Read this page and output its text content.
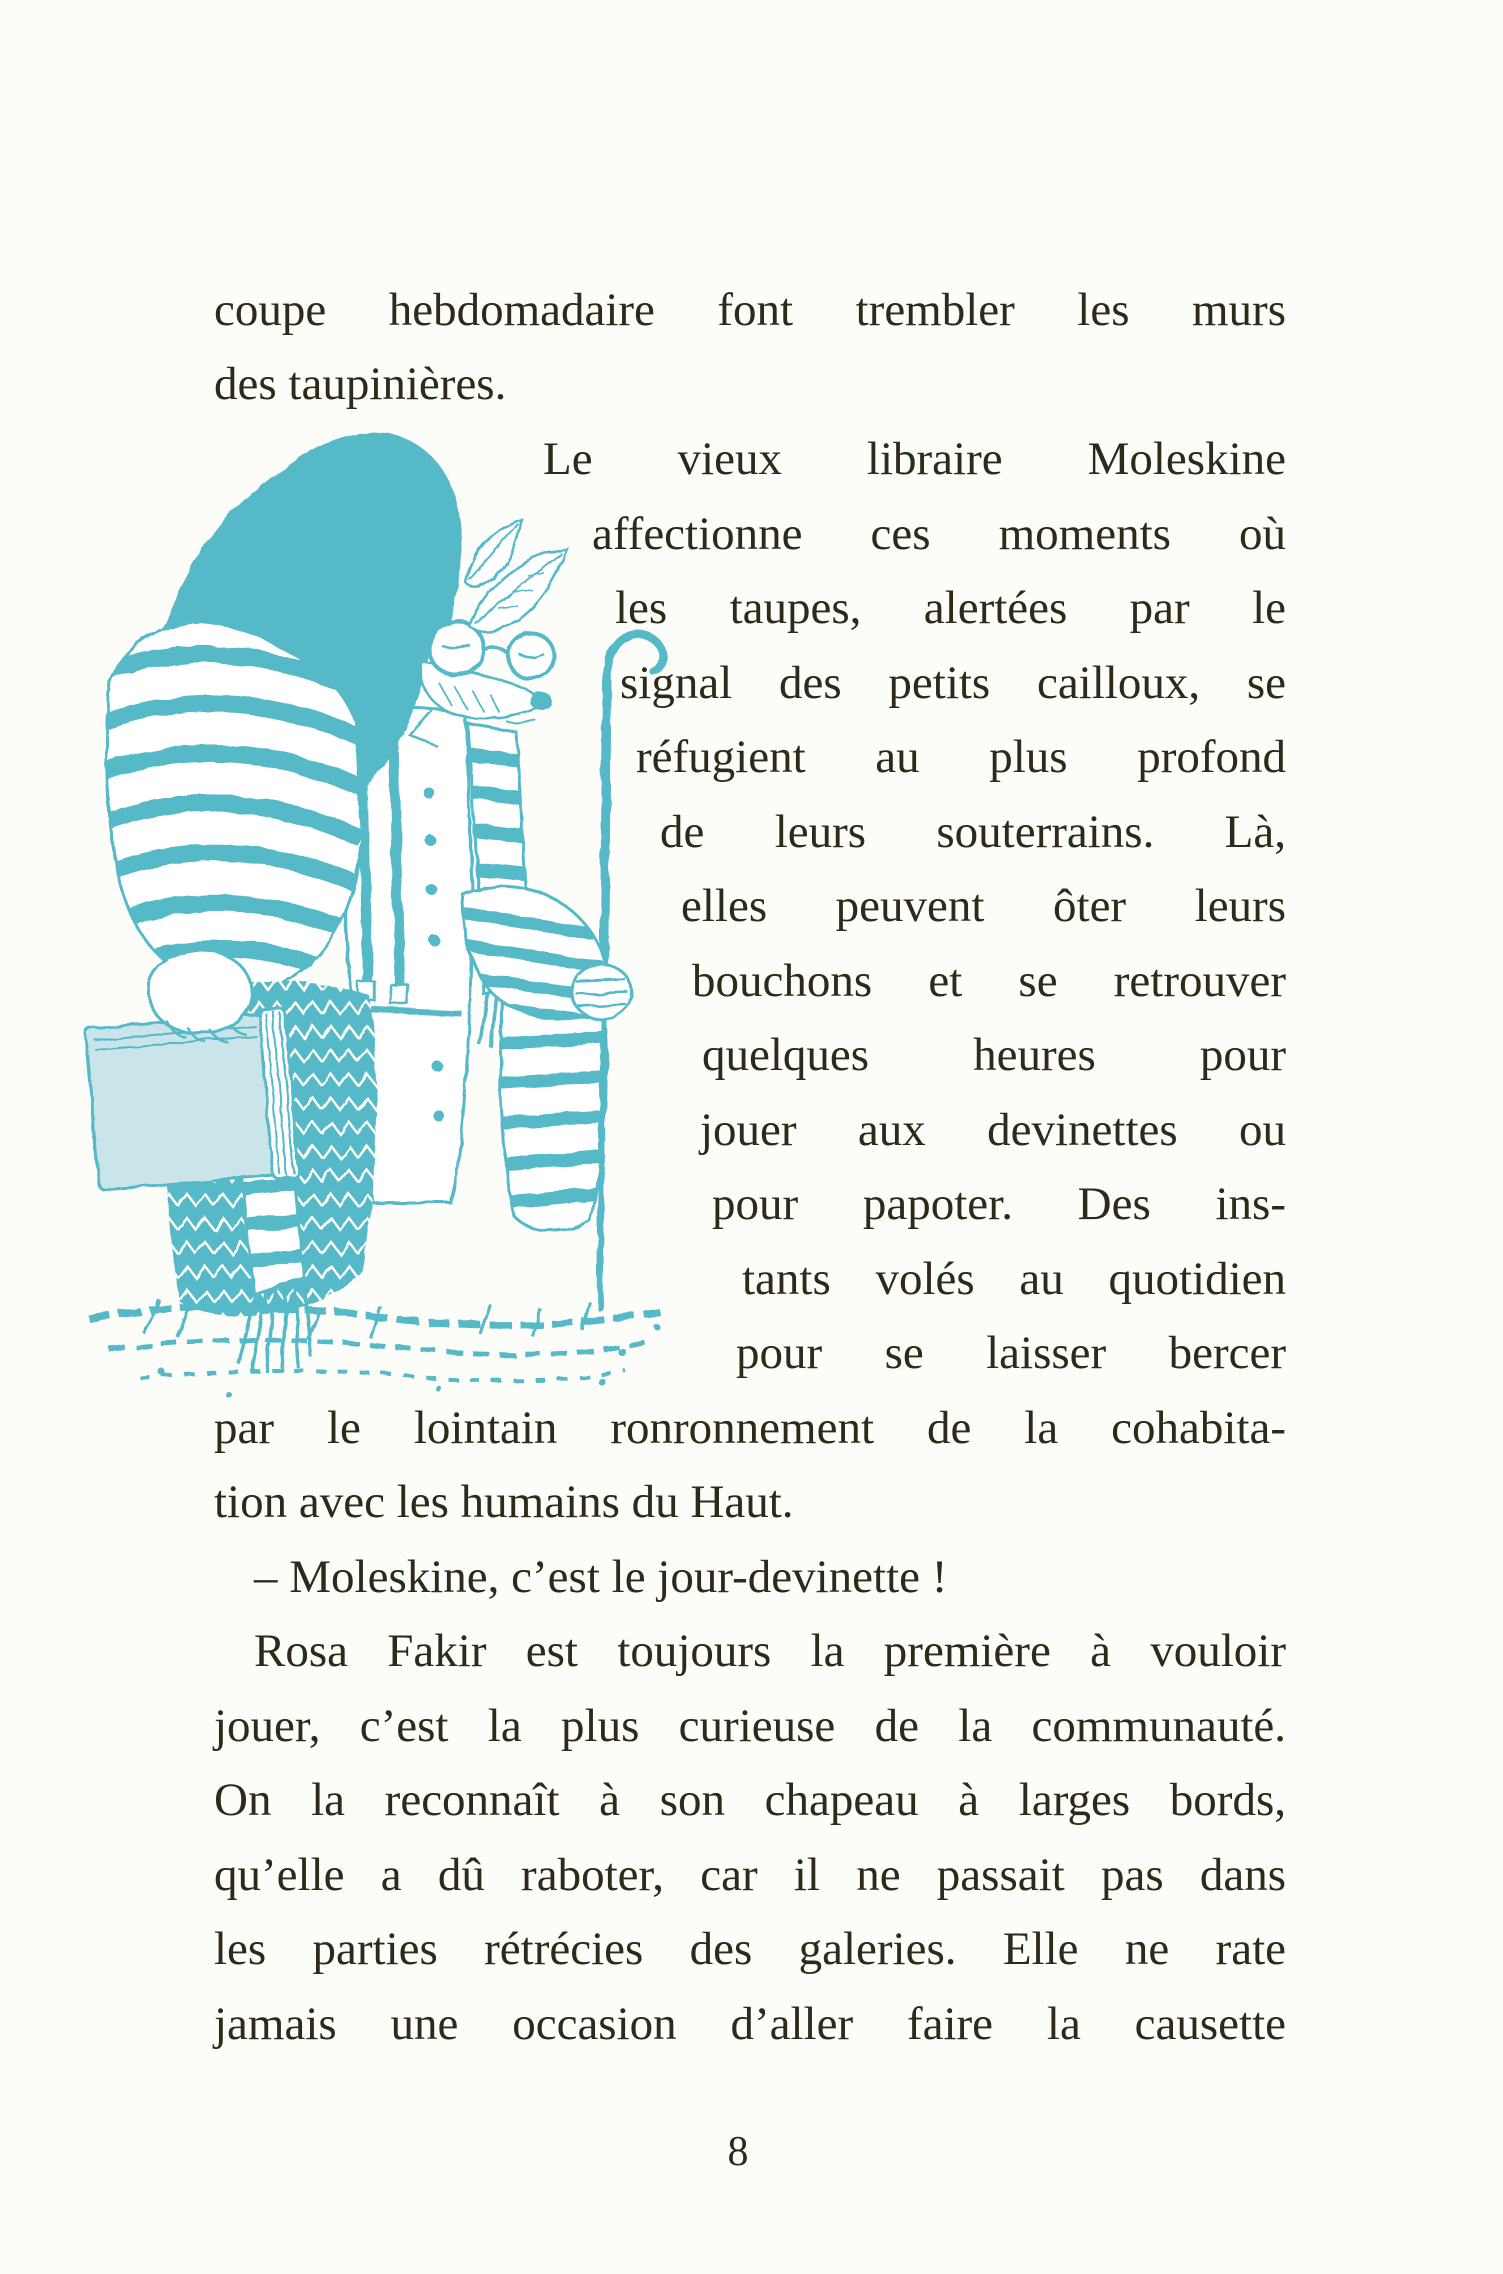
coupe hebdomadaire font trembler les murs
des taupinières.
Le vieux libraire Moleskine
affectionne ces moments où
les taupes, alertées par le
signal des petits cailloux, se
réfugient au plus profond
de leurs souterrains. Là,
elles peuvent ôter leurs
bouchons et se retrouver
quelques heures pour
jouer aux devinettes ou
pour papoter. Des ins-
tants volés au quotidien
pour se laisser bercer
par le lointain ronronnement de la cohabita-
tion avec les humains du Haut.
– Moleskine, c’est le jour-devinette !
Rosa Fakir est toujours la première à vouloir
jouer, c’est la plus curieuse de la communauté.
On la reconnaît à son chapeau à larges bords,
qu’elle a dû raboter, car il ne passait pas dans
les parties rétrécies des galeries. Elle ne rate
jamais une occasion d’aller faire la causette
8
